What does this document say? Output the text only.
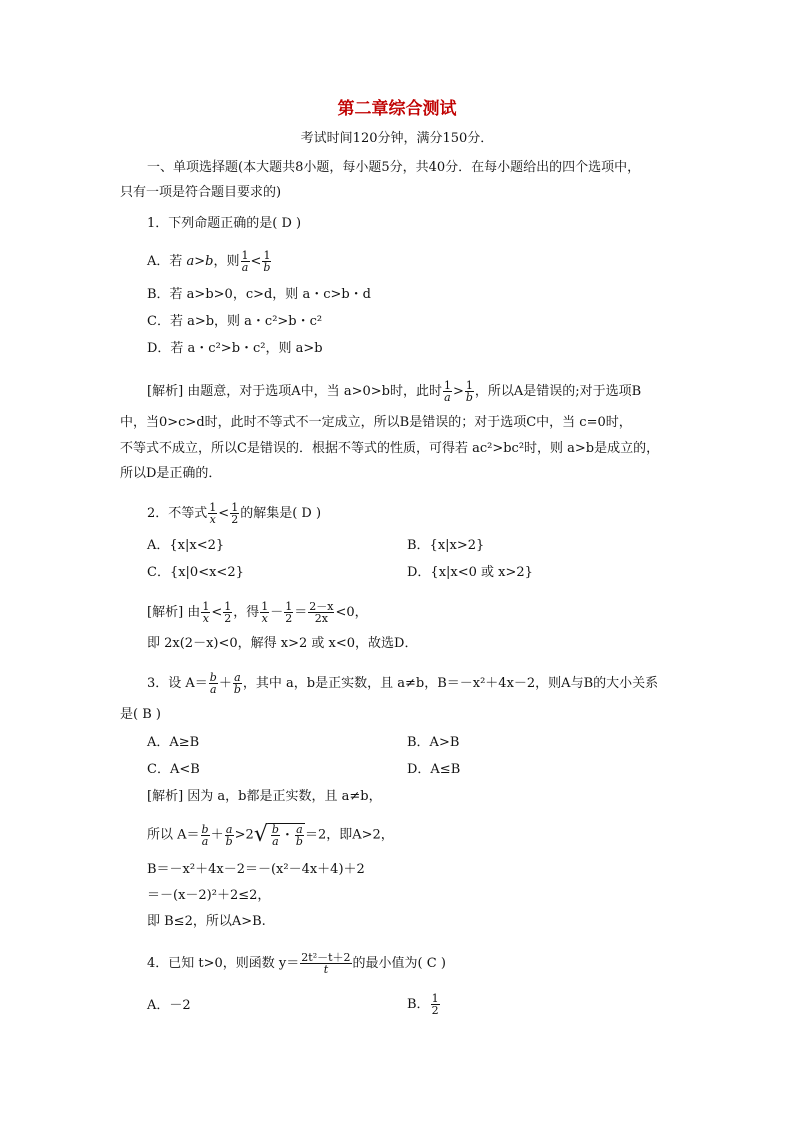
第二章综合测试
考试时间120分钟，满分150分．
一、单项选择题(本大题共8小题，每小题5分，共40分．在每小题给出的四个选项中，
只有一项是符合题目要求的)
1．下列命题正确的是( D )
A．若 a>b，则 $\frac{1}{a} < \frac{1}{b}$
B．若 a>b>0，c>d，则 a・c>b・d
C．若 a>b，则 a・c²>b・c²
D．若 a・c²>b・c²，则 a>b
[解析] 由题意，对于选项A中，当 a>0>b时，此时 $\frac{1}{a} > \frac{1}{b}$ ，所以A是错误的;对于选项B
中，当0>c>d时，此时不等式不一定成立，所以B是错误的；对于选项C中，当 c=0时，
不等式不成立，所以C是错误的．根据不等式的性质，可得若 ac²>bc²时，则 a>b是成立的，
所以D是正确的．
2．不等式 $\frac{1}{x} < \frac{1}{2}$ 的解集是( D )
A．{x|x<2}	B．{x|x>2}
C．{x|0<x<2}	D．{x|x<0 或 x>2}
[解析] 由 $\frac{1}{x} < \frac{1}{2}$ ，得 $\frac{1}{x} - \frac{1}{2} = \frac{2-x}{2x} <0$，
即 2x(2－x)<0，解得 x>2 或 x<0，故选D．
3．设 $A= \frac{b}{a} + \frac{a}{b}$ ，其中 a，b是正实数，且 a≠b，B＝－x²＋4x－2，则A与B的大小关系
是( B )
A．A≥B	B．A>B
C．A<B	D．A≤B
[解析] 因为 a，b都是正实数，且 a≠b，
所以 $A= \frac{b}{a} + \frac{a}{b} >2√ \frac{b}{a}$ ・ $\frac{a}{b} =2$，即A>2，
B＝－x²＋4x－2＝－(x²－4x＋4)＋2
＝－(x－2)²＋2≤2，
即 B≤2，所以A>B.
4．已知 t>0，则函数 $y= \frac{\text{2t²－t＋2}}{t}$ 的最小值为( C )
A．－2	B． $\frac{1}{2}$
